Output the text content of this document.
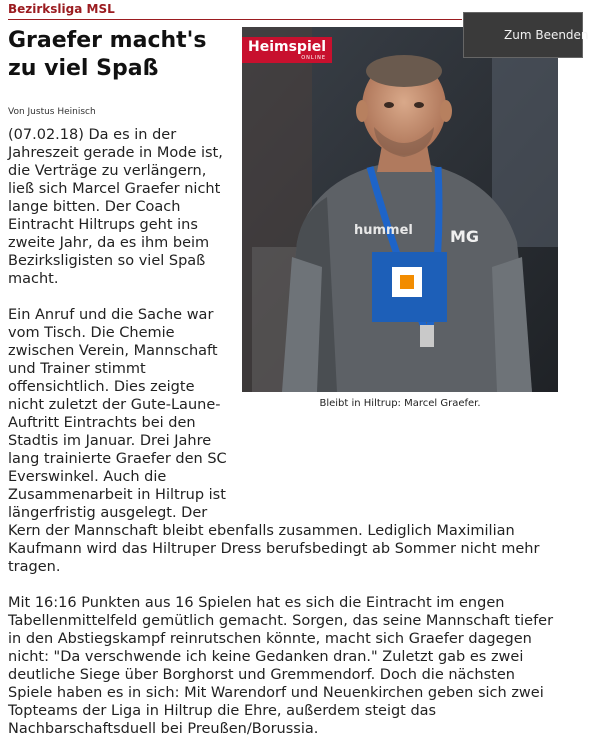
Bezirksliga MSL
Graefer macht's zu viel Spaß
Von Justus Heinisch

(07.02.18) Da es in der Jahreszeit gerade in Mode ist, die Verträge zu verlängern, ließ sich Marcel Graefer nicht lange bitten. Der Coach Eintracht Hiltrups geht ins zweite Jahr, da es ihm beim Bezirksligisten so viel Spaß macht.

Ein Anruf und die Sache war vom Tisch. Die Chemie zwischen Verein, Mannschaft und Trainer stimmt offensichtlich. Dies zeigte nicht zuletzt der Gute-Laune-Auftritt Eintrachts bei den Stadtis im Januar. Drei Jahre lang trainierte Graefer den SC Everswinkel. Auch die Zusammenarbeit in Hiltrup ist längerfristig ausgelegt. Der Kern der Mannschaft bleibt ebenfalls zusammen. Lediglich Maximilian Kaufmann wird das Hiltruper Dress berufsbedingt ab Sommer nicht mehr tragen.

Mit 16:16 Punkten aus 16 Spielen hat es sich die Eintracht im engen Tabellenmittelfeld gemütlich gemacht. Sorgen, das seine Mannschaft tiefer in den Abstiegskampf reinrutschen könnte, macht sich Graefer dagegen nicht: "Da verschwende ich keine Gedanken dran." Zuletzt gab es zwei deutliche Siege über Borghorst und Gremmendorf. Doch die nächsten Spiele haben es in sich: Mit Warendorf und Neuenkirchen geben sich zwei Topteams der Liga in Hiltrup die Ehre, außerdem steigt das Nachbarschaftsduell bei Preußen/Borussia.

hummel MG
Heimspiel
ONLINE
Bleibt in Hiltrup: Marcel Graefer.
Zum Beenden
